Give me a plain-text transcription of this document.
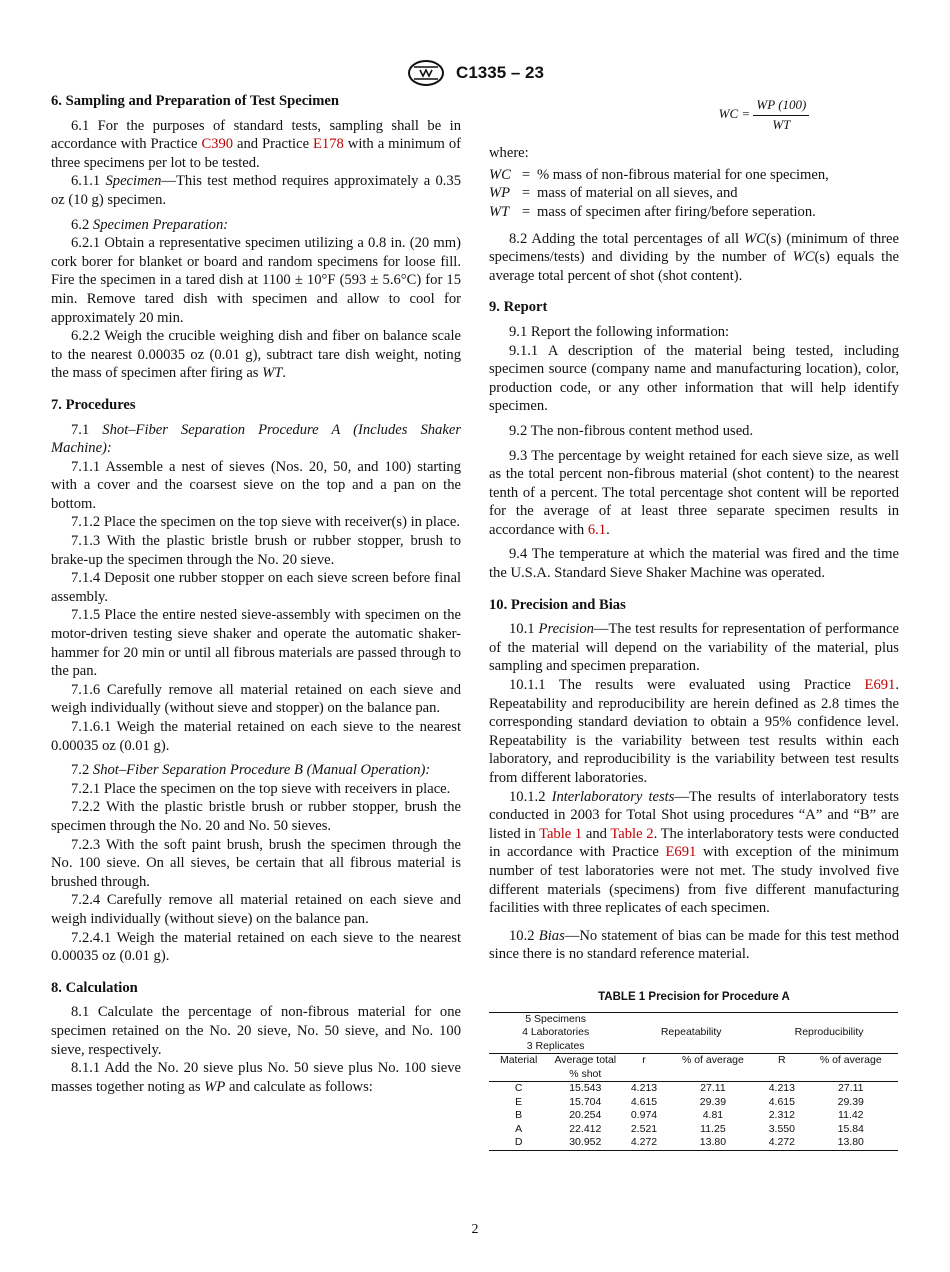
C1335 – 23
6. Sampling and Preparation of Test Specimen

6.1 For the purposes of standard tests, sampling shall be in accordance with Practice C390 and Practice E178 with a minimum of three specimens per lot to be tested.

6.1.1 Specimen—This test method requires approximately a 0.35 oz (10 g) specimen.

6.2 Specimen Preparation:

6.2.1 Obtain a representative specimen utilizing a 0.8 in. (20 mm) cork borer for blanket or board and random specimens for loose fill. Fire the specimen in a tared dish at 1100 ± 10°F (593 ± 5.6°C) for 15 min. Remove tared dish with specimen and allow to cool for approximately 20 min.

6.2.2 Weigh the crucible weighing dish and fiber on balance scale to the nearest 0.00035 oz (0.01 g), subtract tare dish weight, noting the mass of specimen after firing as WT.

7. Procedures

7.1 Shot–Fiber Separation Procedure A (Includes Shaker Machine):

7.1.1 Assemble a nest of sieves (Nos. 20, 50, and 100) starting with a cover and the coarsest sieve on the top and a pan on the bottom.

7.1.2 Place the specimen on the top sieve with receiver(s) in place.

7.1.3 With the plastic bristle brush or rubber stopper, brush to brake-up the specimen through the No. 20 sieve.

7.1.4 Deposit one rubber stopper on each sieve screen before final assembly.

7.1.5 Place the entire nested sieve-assembly with specimen on the motor-driven testing sieve shaker and operate the automatic shaker-hammer for 20 min or until all fibrous materials are passed through to the pan.

7.1.6 Carefully remove all material retained on each sieve and weigh individually (without sieve and stopper) on the balance pan.

7.1.6.1 Weigh the material retained on each sieve to the nearest 0.00035 oz (0.01 g).

7.2 Shot–Fiber Separation Procedure B (Manual Operation):

7.2.1 Place the specimen on the top sieve with receivers in place.

7.2.2 With the plastic bristle brush or rubber stopper, brush the specimen through the No. 20 and No. 50 sieves.

7.2.3 With the soft paint brush, brush the specimen through the No. 100 sieve. On all sieves, be certain that all fibrous material is brushed through.

7.2.4 Carefully remove all material retained on each sieve and weigh individually (without sieve) on the balance pan.

7.2.4.1 Weigh the material retained on each sieve to the nearest 0.00035 oz (0.01 g).

8. Calculation

8.1 Calculate the percentage of non-fibrous material for one specimen retained on the No. 20 sieve, No. 50 sieve, and No. 100 sieve, respectively.

8.1.1 Add the No. 20 sieve plus No. 50 sieve plus No. 100 sieve masses together noting as WP and calculate as follows:

WC = $\frac{WP (100)}{WT}$
where:
WC = % mass of non-fibrous material for one specimen,
WP = mass of material on all sieves, and
WT = mass of specimen after firing/before seperation.

8.2 Adding the total percentages of all WC(s) (minimum of three specimens/tests) and dividing by the number of WC(s) equals the average total percent of shot (shot content).

9. Report

9.1 Report the following information:

9.1.1 A description of the material being tested, including specimen source (company name and manufacturing location), color, production code, or any other information that will help identify specimen.

9.2 The non-fibrous content method used.

9.3 The percentage by weight retained for each sieve size, as well as the total percent non-fibrous material (shot content) to the nearest tenth of a percent. The total percentage shot content will be reported for the average of at least three separate specimen results in accordance with 6.1.

9.4 The temperature at which the material was fired and the time the U.S.A. Standard Sieve Shaker Machine was operated.

10. Precision and Bias

10.1 Precision—The test results for representation of performance of the material will depend on the variability of the material, plus sampling and specimen preparation.

10.1.1 The results were evaluated using Practice E691. Repeatability and reproducibility are herein defined as 2.8 times the corresponding standard deviation to obtain a 95% confidence level. Repeatability is the variability between test results within each laboratory, and reproducibility is the variability between test results from different laboratories.

10.1.2 Interlaboratory tests—The results of interlaboratory tests conducted in 2003 for Total Shot using procedures “A” and “B” are listed in Table 1 and Table 2. The interlaboratory tests were conducted in accordance with Practice E691 with exception of the minimum number of test laboratories were not met. The study involved five different materials (specimens) from five different manufacturing facilities with three replicates of each specimen.

10.2 Bias—No statement of bias can be made for this test method since there is no standard reference material.

TABLE 1 Precision for Procedure A
5 Specimens
4 Laboratories
3 Replicates		Repeatability		Reproducibility	
Material	Average total % shot	r	% of average	R	% of average
C	15.543	4.213	27.11	4.213	27.11
E	15.704	4.615	29.39	4.615	29.39
B	20.254	0.974	4.81	2.312	11.42
A	22.412	2.521	11.25	3.550	15.84
D	30.952	4.272	13.80	4.272	13.80
2
